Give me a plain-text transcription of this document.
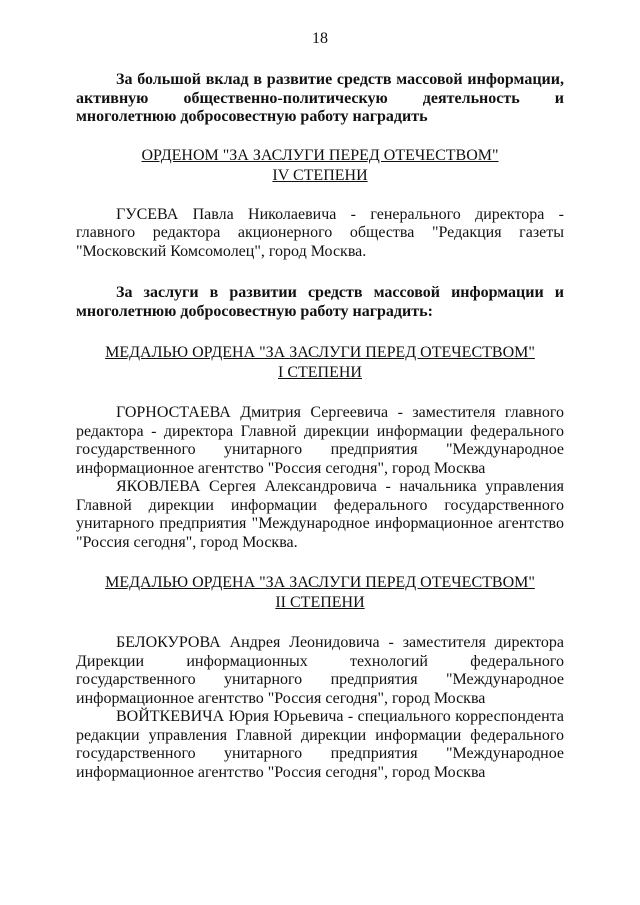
18

За большой вклад в развитие средств массовой информации, активную общественно-политическую деятельность и многолетнюю добросовестную работу наградить

ОРДЕНОМ "ЗА ЗАСЛУГИ ПЕРЕД ОТЕЧЕСТВОМ"
IV СТЕПЕНИ

ГУСЕВА Павла Николаевича - генерального директора - главного редактора акционерного общества "Редакция газеты "Московский Комсомолец", город Москва.

За заслуги в развитии средств массовой информации и многолетнюю добросовестную работу наградить:

МЕДАЛЬЮ ОРДЕНА "ЗА ЗАСЛУГИ ПЕРЕД ОТЕЧЕСТВОМ"
I СТЕПЕНИ

ГОРНОСТАЕВА Дмитрия Сергеевича - заместителя главного редактора - директора Главной дирекции информации федерального государственного унитарного предприятия "Международное информационное агентство "Россия сегодня", город Москва

ЯКОВЛЕВА Сергея Александровича - начальника управления Главной дирекции информации федерального государственного унитарного предприятия "Международное информационное агентство "Россия сегодня", город Москва.

МЕДАЛЬЮ ОРДЕНА "ЗА ЗАСЛУГИ ПЕРЕД ОТЕЧЕСТВОМ"
II СТЕПЕНИ

БЕЛОКУРОВА Андрея Леонидовича - заместителя директора Дирекции информационных технологий федерального государственного унитарного предприятия "Международное информационное агентство "Россия сегодня", город Москва

ВОЙТКЕВИЧА Юрия Юрьевича - специального корреспондента редакции управления Главной дирекции информации федерального государственного унитарного предприятия "Международное информационное агентство "Россия сегодня", город Москва
